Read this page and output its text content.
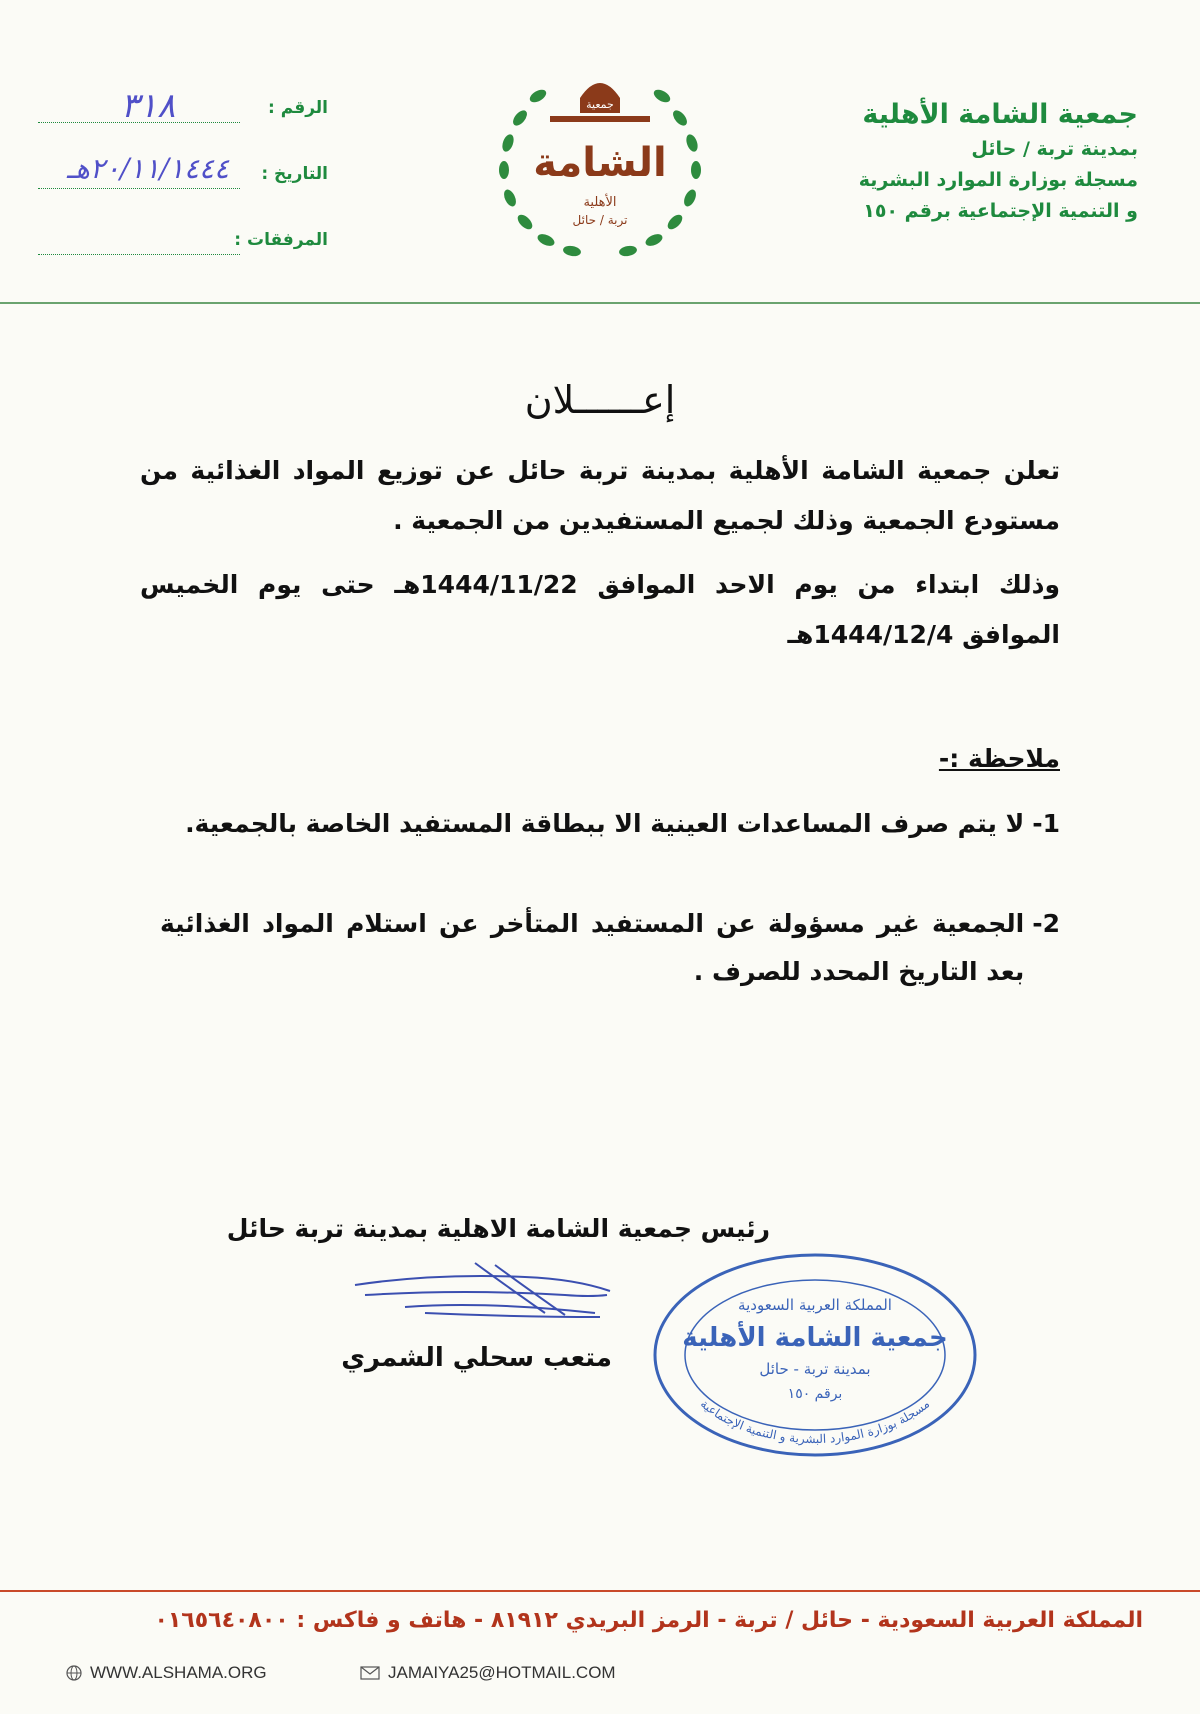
جمعية الشامة الأهلية
بمدينة تربة / حائل
مسجلة بوزارة الموارد البشرية
و التنمية الإجتماعية برقم ١٥٠
جمعية
الشامة
الأهلية
تربة / حائل
الرقم :
٣١٨
التاريخ :
٢٠/١١/١٤٤٤هـ
المرفقات :
إعــــــلان
تعلن جمعية الشامة الأهلية بمدينة تربة حائل عن توزيع المواد الغذائية من مستودع الجمعية وذلك لجميع المستفيدين من الجمعية .
وذلك ابتداء من يوم الاحد الموافق 1444/11/22هـ حتى يوم الخميس الموافق 1444/12/4هـ
ملاحظة :-
1-
لا يتم صرف المساعدات العينية الا ببطاقة المستفيد الخاصة بالجمعية.
2-
الجمعية غير مسؤولة عن المستفيد المتأخر عن استلام المواد الغذائية بعد التاريخ المحدد للصرف .
رئيس جمعية الشامة الاهلية بمدينة تربة حائل
متعب سحلي الشمري
المملكة العربية السعودية
جمعية الشامة الأهلية
بمدينة تربة - حائل
برقم ١٥٠
مسجلة بوزارة الموارد البشرية و التنمية الإجتماعية
المملكة العربية السعودية - حائل / تربة - الرمز البريدي ٨١٩١٢ - هاتف و فاكس : ٠١٦٥٦٤٠٨٠٠
WWW.ALSHAMA.ORG	JAMAIYA25@HOTMAIL.COM
